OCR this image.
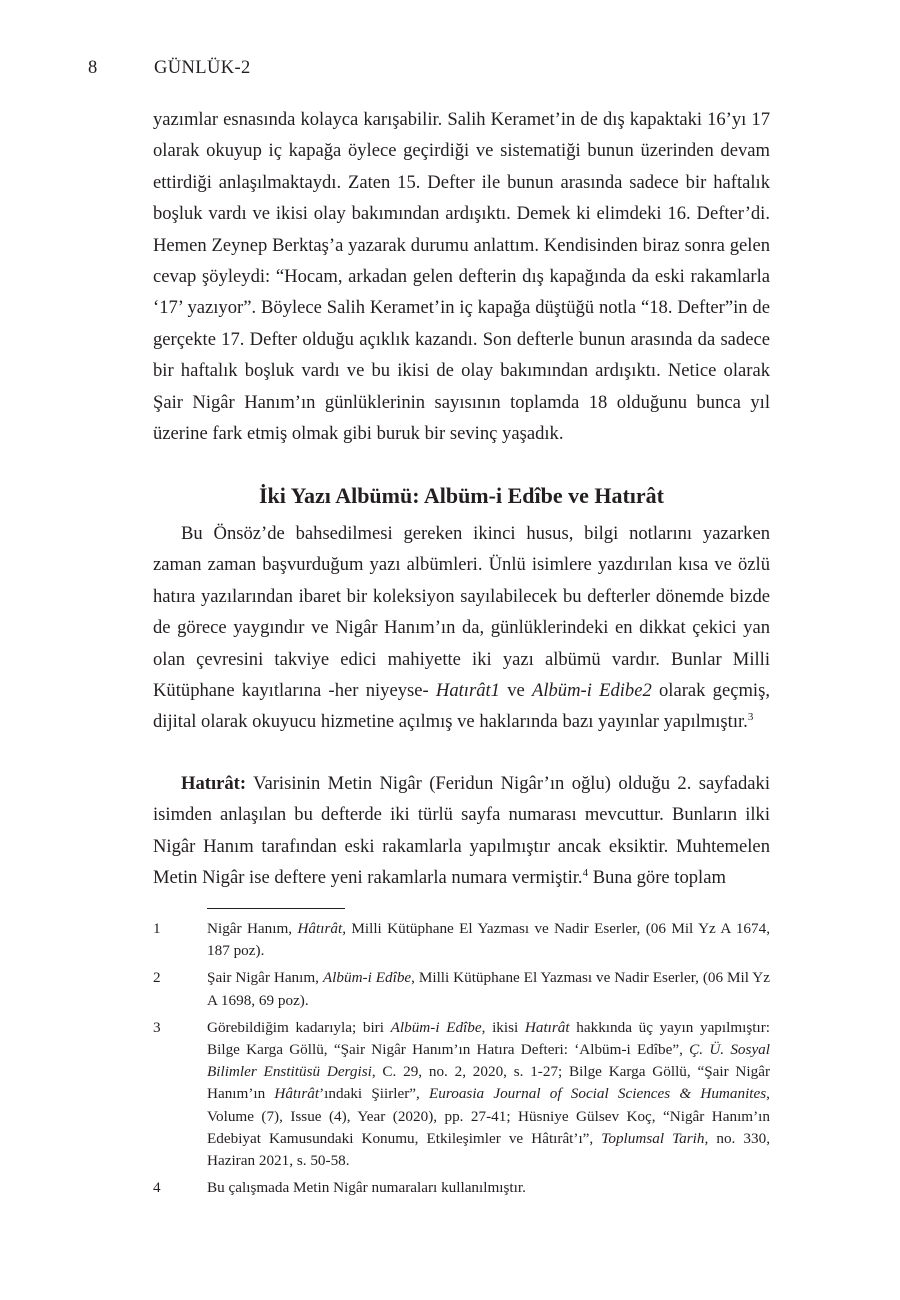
8	GÜNLÜK-2

yazımlar esnasında kolayca karışabilir. Salih Keramet’in de dış kapaktaki 16’yı 17 olarak okuyup iç kapağa öylece geçirdiği ve sistematiği bunun üzerinden devam ettirdiği anlaşılmaktaydı. Zaten 15. Defter ile bunun arasında sadece bir haftalık boşluk vardı ve ikisi olay bakımından ardışıktı. Demek ki elimdeki 16. Defter’di. Hemen Zeynep Berktaş’a yazarak durumu anlattım. Kendisinden biraz sonra gelen cevap şöyleydi: “Hocam, arkadan gelen defterin dış kapağında da eski rakamlarla ‘17’ yazıyor”. Böylece Salih Keramet’in iç kapağa düştüğü notla “18. Defter”in de gerçekte 17. Defter olduğu açıklık kazandı. Son defterle bunun arasında da sadece bir haftalık boşluk vardı ve bu ikisi de olay bakımından ardışıktı. Netice olarak Şair Nigâr Hanım’ın günlüklerinin sayısının toplamda 18 olduğunu bunca yıl üzerine fark etmiş olmak gibi buruk bir sevinç yaşadık.

İki Yazı Albümü: Albüm-i Edîbe ve Hatırât

Bu Önsöz’de bahsedilmesi gereken ikinci husus, bilgi notlarını yazarken zaman zaman başvurduğum yazı albümleri. Ünlü isimlere yazdırılan kısa ve özlü hatıra yazılarından ibaret bir koleksiyon sayılabilecek bu defterler dönemde bizde de görece yaygındır ve Nigâr Hanım’ın da, günlüklerindeki en dikkat çekici yan olan çevresini takviye edici mahiyette iki yazı albümü vardır. Bunlar Milli Kütüphane kayıtlarına -her niyeyse- Hatırât1 ve Albüm-i Edibe2 olarak geçmiş, dijital olarak okuyucu hizmetine açılmış ve haklarında bazı yayınlar yapılmıştır.$^3$

Hatırât: Varisinin Metin Nigâr (Feridun Nigâr’ın oğlu) olduğu 2. sayfadaki isimden anlaşılan bu defterde iki türlü sayfa numarası mevcuttur. Bunların ilki Nigâr Hanım tarafından eski rakamlarla yapılmıştır ancak eksiktir. Muhtemelen Metin Nigâr ise deftere yeni rakamlarla numara vermiştir.$^4$ Buna göre toplam

1	Nigâr Hanım, Hâtırât, Milli Kütüphane El Yazması ve Nadir Eserler, (06 Mil Yz A 1674, 187 poz).
2	Şair Nigâr Hanım, Albüm-i Edîbe, Milli Kütüphane El Yazması ve Nadir Eserler, (06 Mil Yz A 1698, 69 poz).
3	Görebildiğim kadarıyla; biri Albüm-i Edîbe, ikisi Hatırât hakkında üç yayın yapılmıştır: Bilge Karga Göllü, “Şair Nigâr Hanım’ın Hatıra Defteri: ‘Albüm-i Edîbe”, Ç. Ü. Sosyal Bilimler Enstitüsü Dergisi, C. 29, no. 2, 2020, s. 1-27; Bilge Karga Göllü, “Şair Nigâr Hanım’ın Hâtırât’ındaki Şiirler”, Euroasia Journal of Social Sciences & Humanites, Volume (7), Issue (4), Year (2020), pp. 27-41; Hüsniye Gülsev Koç, “Nigâr Hanım’ın Edebiyat Kamusundaki Konumu, Etkileşimler ve Hâtırât’ı”, Toplumsal Tarih, no. 330, Haziran 2021, s. 50-58.
4	Bu çalışmada Metin Nigâr numaraları kullanılmıştır.
